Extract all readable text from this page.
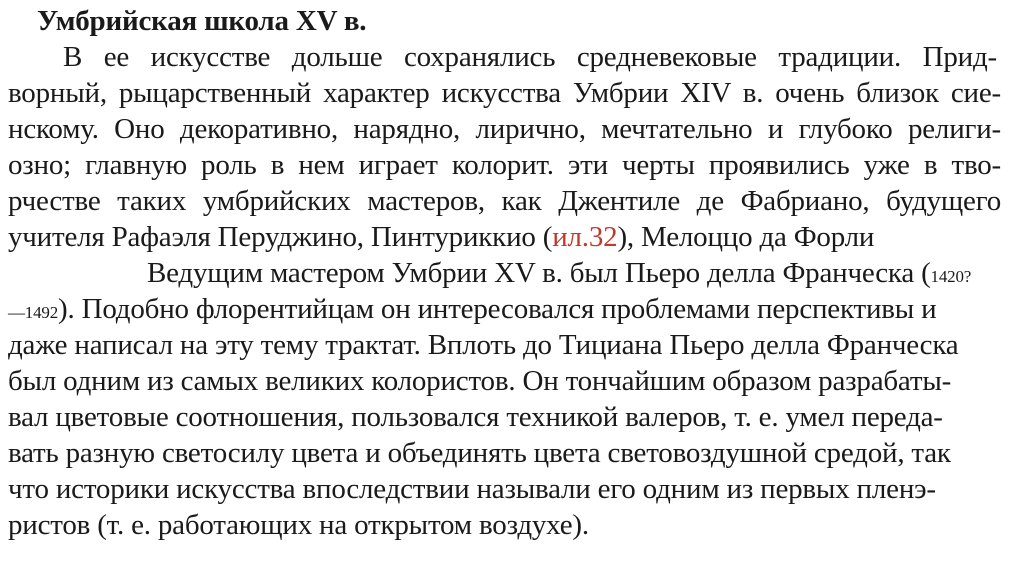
Умбрийская школа XV в.
В ее искусстве дольше сохранялись средневековые традиции. Прид-
ворный, рыцарственный характер искусства Умбрии XIV в. очень близок сие-
нскому. Оно декоративно, нарядно, лирично, мечтательно и глубоко религи-
озно; главную роль в нем играет колорит. эти черты проявились уже в тво-
рчестве таких умбрийских мастеров, как Джентиле де Фабриано, будущего
учителя Рафаэля Перуджино, Пинтуриккио (ил.32), Мелоццо да Форли
Ведущим мастером Умбрии XV в. был Пьеро делла Франческа (1420?
—1492). Подобно флорентийцам он интересовался проблемами перспективы и
даже написал на эту тему трактат. Вплоть до Тициана Пьеро делла Франческа
был одним из самых великих колористов. Он тончайшим образом разрабаты-
вал цветовые соотношения, пользовался техникой валеров, т. е. умел переда-
вать разную светосилу цвета и объединять цвета световоздушной средой, так
что историки искусства впоследствии называли его одним из первых пленэ-
ристов (т. е. работающих на открытом воздухе).
